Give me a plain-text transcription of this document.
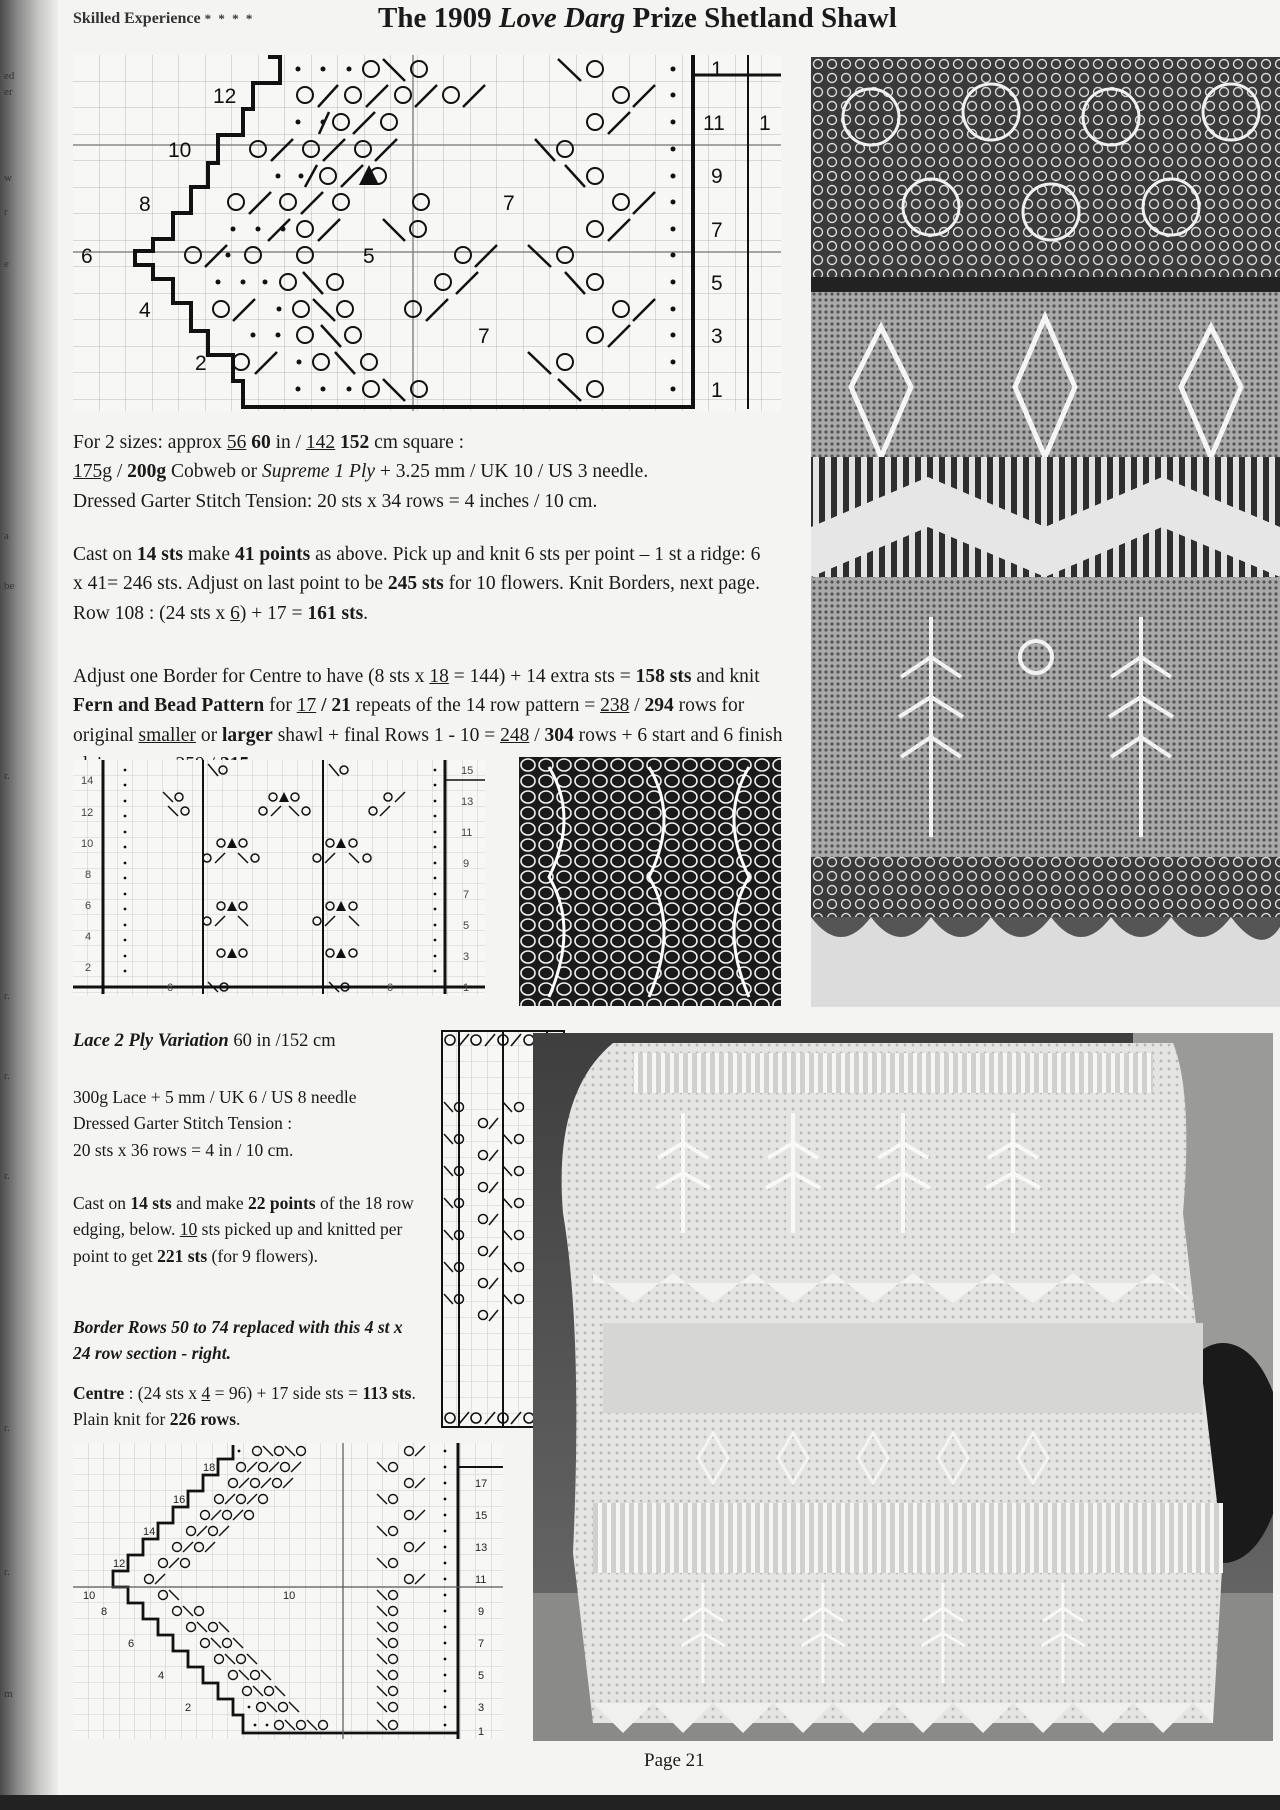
ed
er
w
r
e
a
be
r.
r.
r.
r.
r.
r.
m
Skilled Experience * * * *	The 1909 Love Darg Prize Shetland Shawl
12
10
8
6
4
2
7
5
7
1
11
9
7
5
3
1
1

For 2 sizes: approx 56 60 in / 142 152 cm square :

175g / 200g Cobweb or Supreme 1 Ply + 3.25 mm / UK 10 / US 3 needle.

Dressed Garter Stitch Tension: 20 sts x 34 rows = 4 inches / 10 cm.

Cast on 14 sts make 41 points as above. Pick up and knit 6 sts per point – 1 st a ridge: 6 x 41= 246 sts. Adjust on last point to be 245 sts for 10 flowers. Knit Borders, next page. Row 108 : (24 sts x 6) + 17 = 161 sts.

Adjust one Border for Centre to have (8 sts x 18 = 144) + 14 extra sts = 158 sts and knit Fern and Bead Pattern for 17 / 21 repeats of the 14 row pattern = 238 / 294 rows for original smaller or larger shawl + final Rows 1 - 10 = 248 / 304 rows + 6 start and 6 finish

14
12
10
8
6
4
2
15
13
11
9
7
5
3
1
6	6

Lace 2 Ply Variation 60 in /152 cm

300g Lace + 5 mm / UK 6 / US 8 needle

Dressed Garter Stitch Tension :

20 sts x 36 rows = 4 in / 10 cm.

Cast on 14 sts and make 22 points of the 18 row edging, below. 10 sts picked up and knitted per point to get 221 sts (for 9 flowers).

Border Rows 50 to 74 replaced with this 4 st x 24 row section - right.

Centre : (24 sts x 4 = 96) + 17 side sts = 113 sts. Plain knit for 226 rows.

18
16
14
12
10
8
6
4
2
10
17
15
13
11
9
7
5
3
1
Page 21
